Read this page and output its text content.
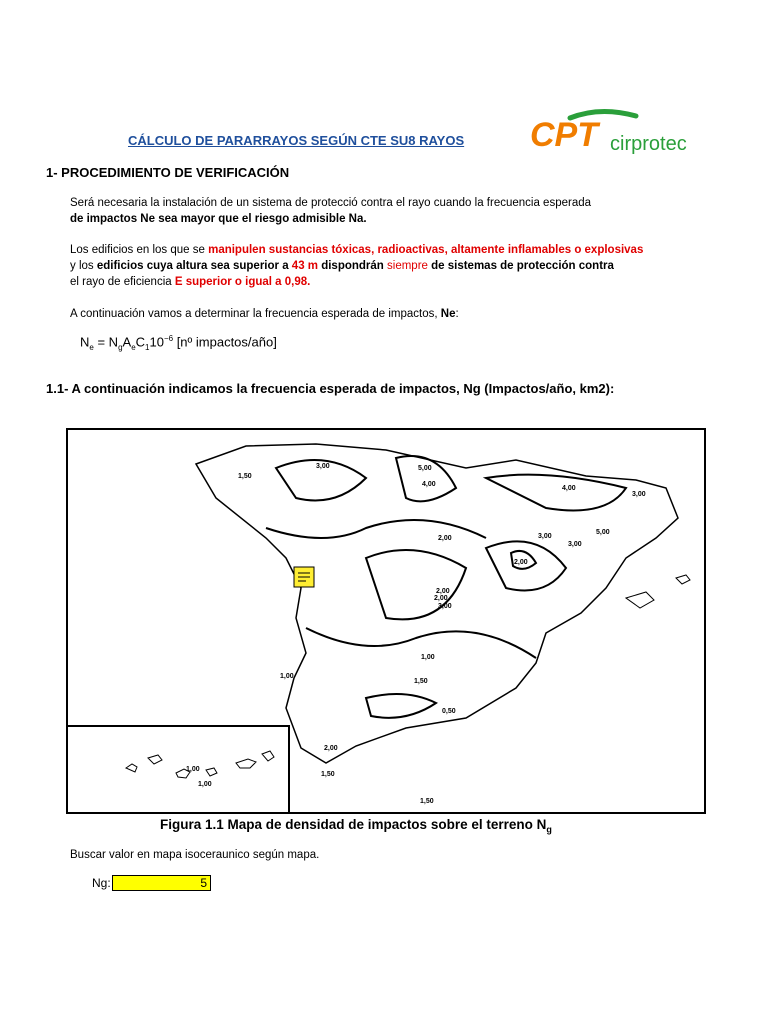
CÁLCULO DE PARARRAYOS SEGÚN CTE SU8 RAYOS CPT cirprotec
1- PROCEDIMIENTO DE VERIFICACIÓN
Será necesaria la instalación de un sistema de protecció contra el rayo cuando la frecuencia esperada
de impactos Ne sea mayor que el riesgo admisible Na.
Los edificios en los que se manipulen sustancias tóxicas, radioactivas, altamente inflamables o explosivas
y los edificios cuya altura sea superior a 43 m dispondrán siempre de sistemas de protección contra
el rayo de eficiencia E superior o igual a 0,98.
A continuación vamos a determinar la frecuencia esperada de impactos, Ne:
$N_e = N_gA_eC_110^{-6}$ [nº impactos/año]
1.1- A continuación indicamos la frecuencia esperada de impactos, Ng (Impactos/año, km2):
3,00	5,00
4,00
1,50
3,00
4,00
5,00
3,00
2,00
3,00
2,00
3,00
2,00
1,50
1,00
0,50
2,00
1,50
1,50
1,00
1,00
1,00
2,00
Figura 1.1 Mapa de densidad de impactos sobre el terreno $N_g$
Buscar valor en mapa isoceraunico según mapa.
Ng:	5
